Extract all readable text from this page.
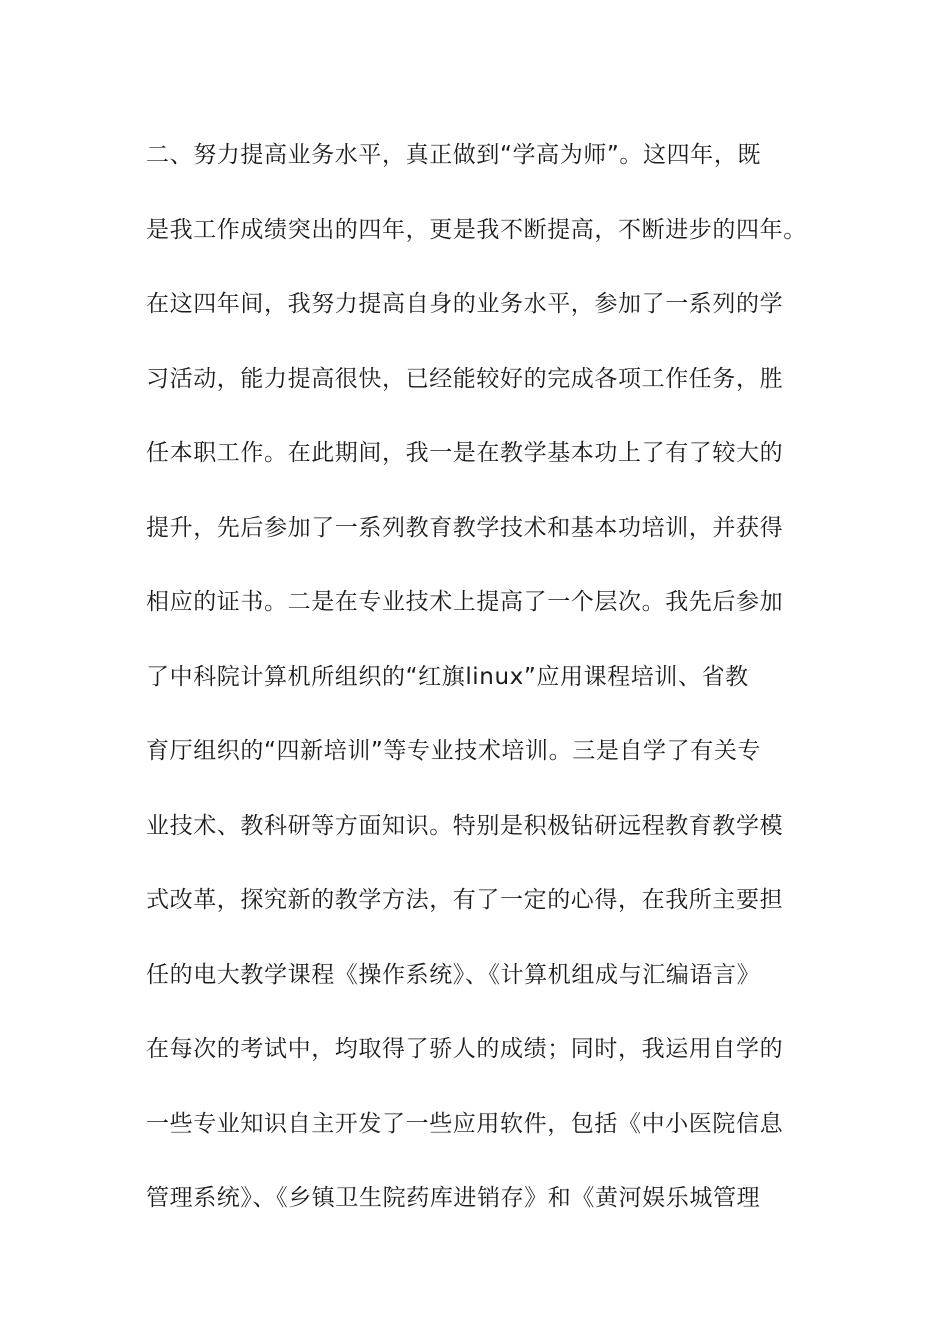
二、努力提高业务水平，真正做到“学高为师”。这四年，既
是我工作成绩突出的四年，更是我不断提高，不断进步的四年。
在这四年间，我努力提高自身的业务水平，参加了一系列的学
习活动，能力提高很快，已经能较好的完成各项工作任务，胜
任本职工作。在此期间，我一是在教学基本功上了有了较大的
提升，先后参加了一系列教育教学技术和基本功培训，并获得
相应的证书。二是在专业技术上提高了一个层次。我先后参加
了中科院计算机所组织的“红旗linux”应用课程培训、省教
育厅组织的“四新培训”等专业技术培训。三是自学了有关专
业技术、教科研等方面知识。特别是积极钻研远程教育教学模
式改革，探究新的教学方法，有了一定的心得，在我所主要担
任的电大教学课程《操作系统》、《计算机组成与汇编语言》
在每次的考试中，均取得了骄人的成绩；同时，我运用自学的
一些专业知识自主开发了一些应用软件，包括《中小医院信息
管理系统》、《乡镇卫生院药库进销存》和《黄河娱乐城管理
